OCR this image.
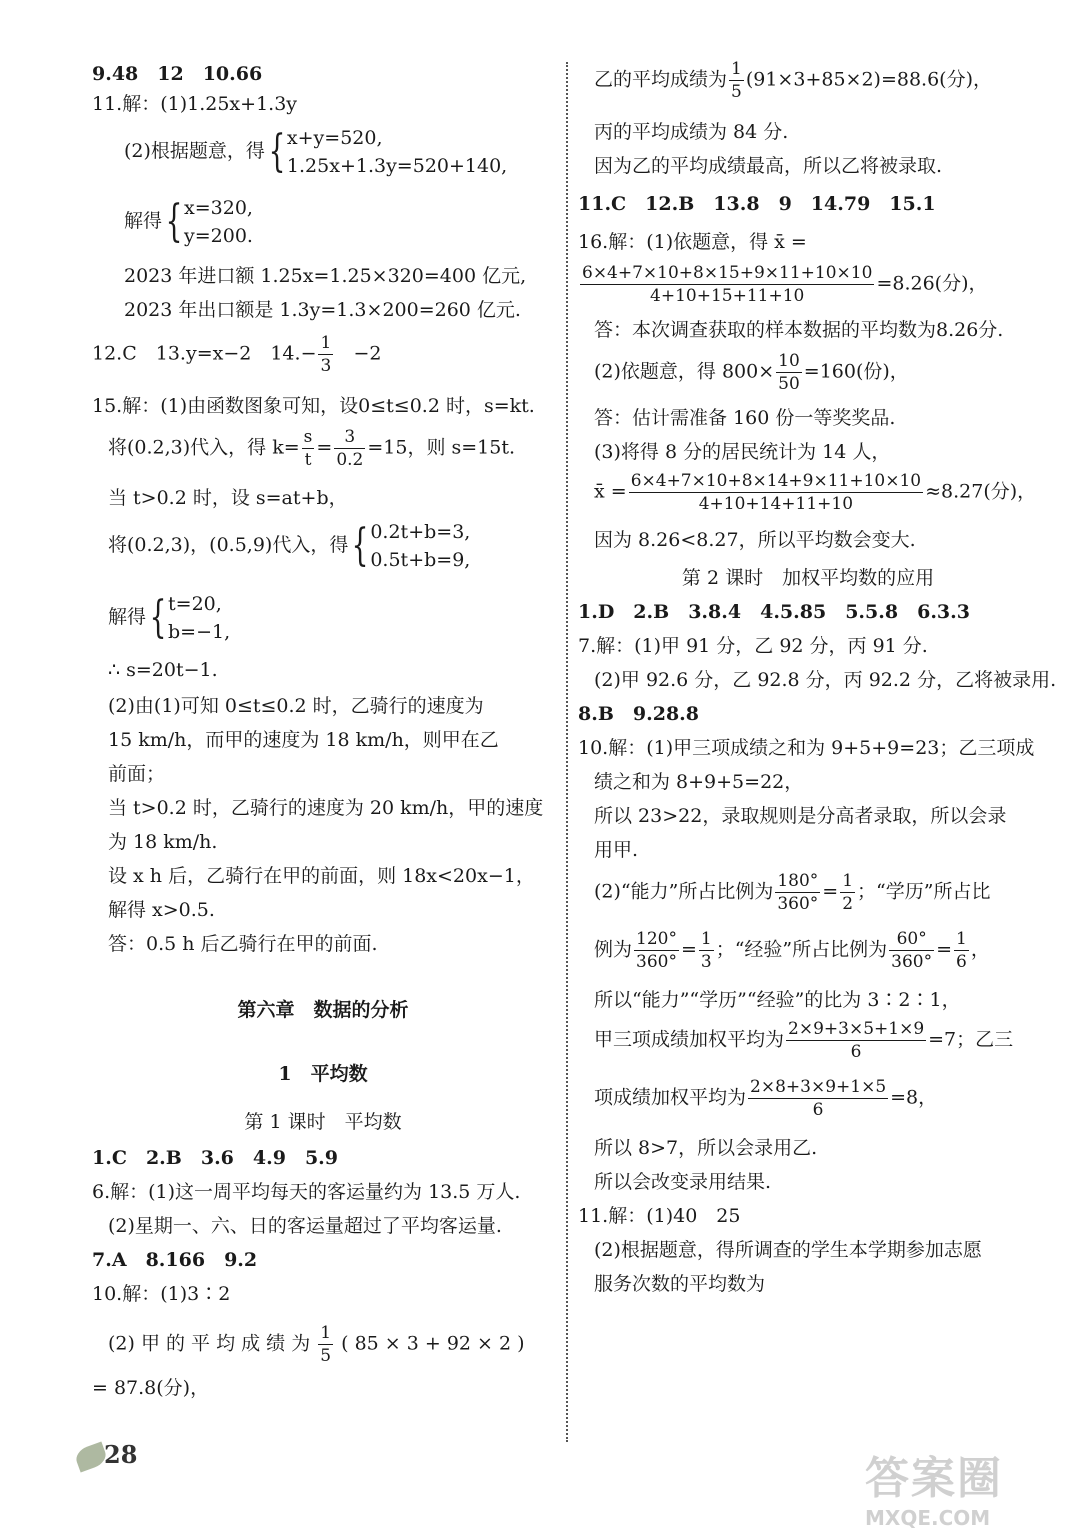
9.48　12　10.66
11.解：(1)1.25x+1.3y
(2)根据题意，得{ x+y=520,
1.25x+1.3y=520+140,
解得{ x=320,
y=200.
2023 年进口额 1.25x=1.25×320=400 亿元,
2023 年出口额是 1.3y=1.3×200=260 亿元.
12.C　13.y=x−2　$14.- \frac{1}{3} -2$
15.解：(1)由函数图象可知，设0≤t≤0.2 时，s=kt.
将(0.2,3)代入，得 $k= \frac{s}{t} = \frac{3}{0.2} =15$，则 s=15t.
当 t>0.2 时，设 s=at+b，
将(0.2,3)，(0.5,9)代入，得{ 0.2t+b=3,
0.5t+b=9,
解得{ t=20,
b=−1,
∴ s=20t−1.
(2)由(1)可知 0≤t≤0.2 时，乙骑行的速度为
15 km/h，而甲的速度为 18 km/h，则甲在乙
前面；
当 t>0.2 时，乙骑行的速度为 20 km/h，甲的速度
为 18 km/h.
设 x h 后，乙骑行在甲的前面，则 18x<20x−1，
解得 x>0.5.
答：0.5 h 后乙骑行在甲的前面.
第六章　数据的分析
1　平均数
第 1 课时　平均数
1.C　2.B　3.6　4.9　5.9
6.解：(1)这一周平均每天的客运量约为 13.5 万人.
(2)星期一、六、日的客运量超过了平均客运量.
7.A　8.166　9.2
10.解：(1)3∶2
(2) 甲 的 平 均 成 绩 为 $\frac{1}{5}$ ( 85 × 3 + 92 × 2 )
= 87.8(分)，
乙的平均成绩为 $\frac{1}{5} (91\times 3+85\times 2)=88.6$(分)，
丙的平均成绩为 84 分.
因为乙的平均成绩最高，所以乙将被录取.
11.C　12.B　13.8　9　14.79　15.1
16.解：(1)依题意，得 x̄ =
$\frac{6\times 4+7\times 10+8\times 15+9\times 11+10\times 10}{4+10+15+11+10} =8.26$(分)，
答：本次调查获取的样本数据的平均数为8.26分.
(2)依题意，得 $800\times \frac{10}{50} =160$(份)，
答：估计需准备 160 份一等奖奖品.
(3)将得 8 分的居民统计为 14 人，
x̄ = $\frac{6\times 4+7\times 10+8\times 14+9\times 11+10\times 10}{4+10+14+11+10} \approx 8.27$(分)，
因为 8.26<8.27，所以平均数会变大.
第 2 课时　加权平均数的应用
1.D　2.B　3.8.4　4.5.85　5.5.8　6.3.3
7.解：(1)甲 91 分，乙 92 分，丙 91 分.
(2)甲 92.6 分，乙 92.8 分，丙 92.2 分，乙将被录用.
8.B　9.28.8
10.解：(1)甲三项成绩之和为 9+5+9=23；乙三项成
绩之和为 8+9+5=22，
所以 23>22，录取规则是分高者录取，所以会录
用甲.
(2)“能力”所占比例为 $\frac{180^\circ}{360^\circ} = \frac{1}{2}$ ；“学历”所占比
例为 $\frac{120^\circ}{360^\circ} = \frac{1}{3}$ ；“经验”所占比例为 $\frac{60^\circ}{360^\circ} = \frac{1}{6}$ ，
所以“能力”“学历”“经验”的比为 3∶2∶1，
甲三项成绩加权平均为 $\frac{2\times 9+3\times 5+1\times 9}{6} =7$；乙三
项成绩加权平均为 $\frac{2\times 8+3\times 9+1\times 5}{6} =8$，
所以 8>7，所以会录用乙.
所以会改变录用结果.
11.解：(1)40　25
(2)根据题意，得所调查的学生本学期参加志愿
服务次数的平均数为
28	答案圈
MXQE.COM
